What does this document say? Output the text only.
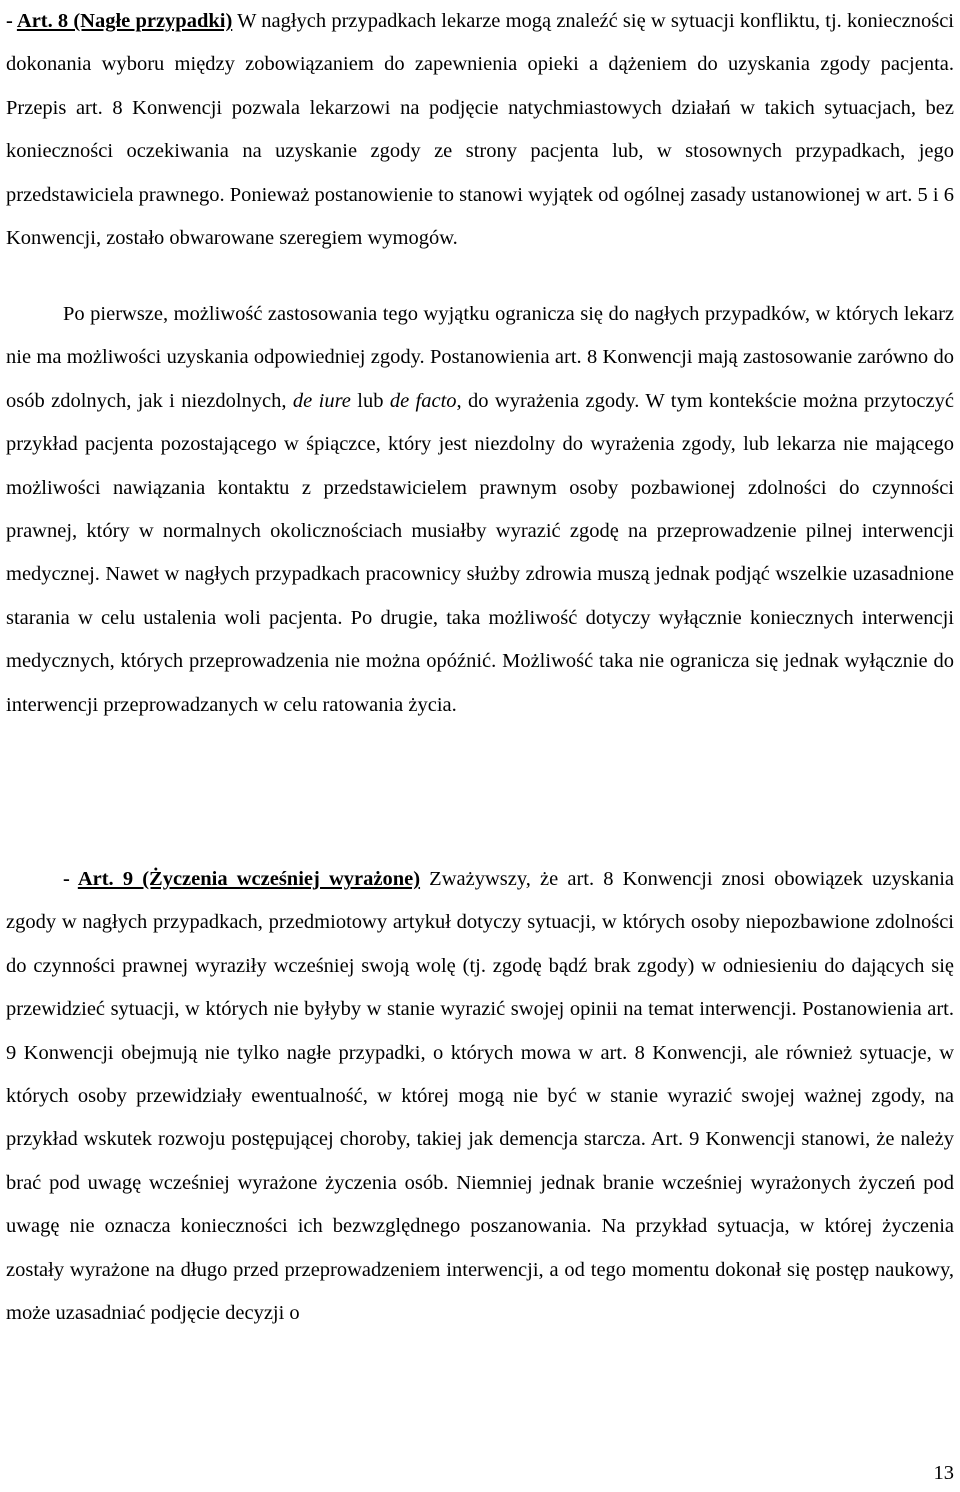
- Art. 8 (Nagłe przypadki) W nagłych przypadkach lekarze mogą znaleźć się w sytuacji konfliktu, tj. konieczności dokonania wyboru między zobowiązaniem do zapewnienia opieki a dążeniem do uzyskania zgody pacjenta. Przepis art. 8 Konwencji pozwala lekarzowi na podjęcie natychmiastowych działań w takich sytuacjach, bez konieczności oczekiwania na uzyskanie zgody ze strony pacjenta lub, w stosownych przypadkach, jego przedstawiciela prawnego. Ponieważ postanowienie to stanowi wyjątek od ogólnej zasady ustanowionej w art. 5 i 6 Konwencji, zostało obwarowane szeregiem wymogów.

Po pierwsze, możliwość zastosowania tego wyjątku ogranicza się do nagłych przypadków, w których lekarz nie ma możliwości uzyskania odpowiedniej zgody. Postanowienia art. 8 Konwencji mają zastosowanie zarówno do osób zdolnych, jak i niezdolnych, de iure lub de facto, do wyrażenia zgody. W tym kontekście można przytoczyć przykład pacjenta pozostającego w śpiączce, który jest niezdolny do wyrażenia zgody, lub lekarza nie mającego możliwości nawiązania kontaktu z przedstawicielem prawnym osoby pozbawionej zdolności do czynności prawnej, który w normalnych okolicznościach musiałby wyrazić zgodę na przeprowadzenie pilnej interwencji medycznej. Nawet w nagłych przypadkach pracownicy służby zdrowia muszą jednak podjąć wszelkie uzasadnione starania w celu ustalenia woli pacjenta. Po drugie, taka możliwość dotyczy wyłącznie koniecznych interwencji medycznych, których przeprowadzenia nie można opóźnić. Możliwość taka nie ogranicza się jednak wyłącznie do interwencji przeprowadzanych w celu ratowania życia.

- Art. 9 (Życzenia wcześniej wyrażone) Zważywszy, że art. 8 Konwencji znosi obowiązek uzyskania zgody w nagłych przypadkach, przedmiotowy artykuł dotyczy sytuacji, w których osoby niepozbawione zdolności do czynności prawnej wyraziły wcześniej swoją wolę (tj. zgodę bądź brak zgody) w odniesieniu do dających się przewidzieć sytuacji, w których nie byłyby w stanie wyrazić swojej opinii na temat interwencji. Postanowienia art. 9 Konwencji obejmują nie tylko nagłe przypadki, o których mowa w art. 8 Konwencji, ale również sytuacje, w których osoby przewidziały ewentualność, w której mogą nie być w stanie wyrazić swojej ważnej zgody, na przykład wskutek rozwoju postępującej choroby, takiej jak demencja starcza. Art. 9 Konwencji stanowi, że należy brać pod uwagę wcześniej wyrażone życzenia osób. Niemniej jednak branie wcześniej wyrażonych życzeń pod uwagę nie oznacza konieczności ich bezwzględnego poszanowania. Na przykład sytuacja, w której życzenia zostały wyrażone na długo przed przeprowadzeniem interwencji, a od tego momentu dokonał się postęp naukowy, może uzasadniać podjęcie decyzji o

13
